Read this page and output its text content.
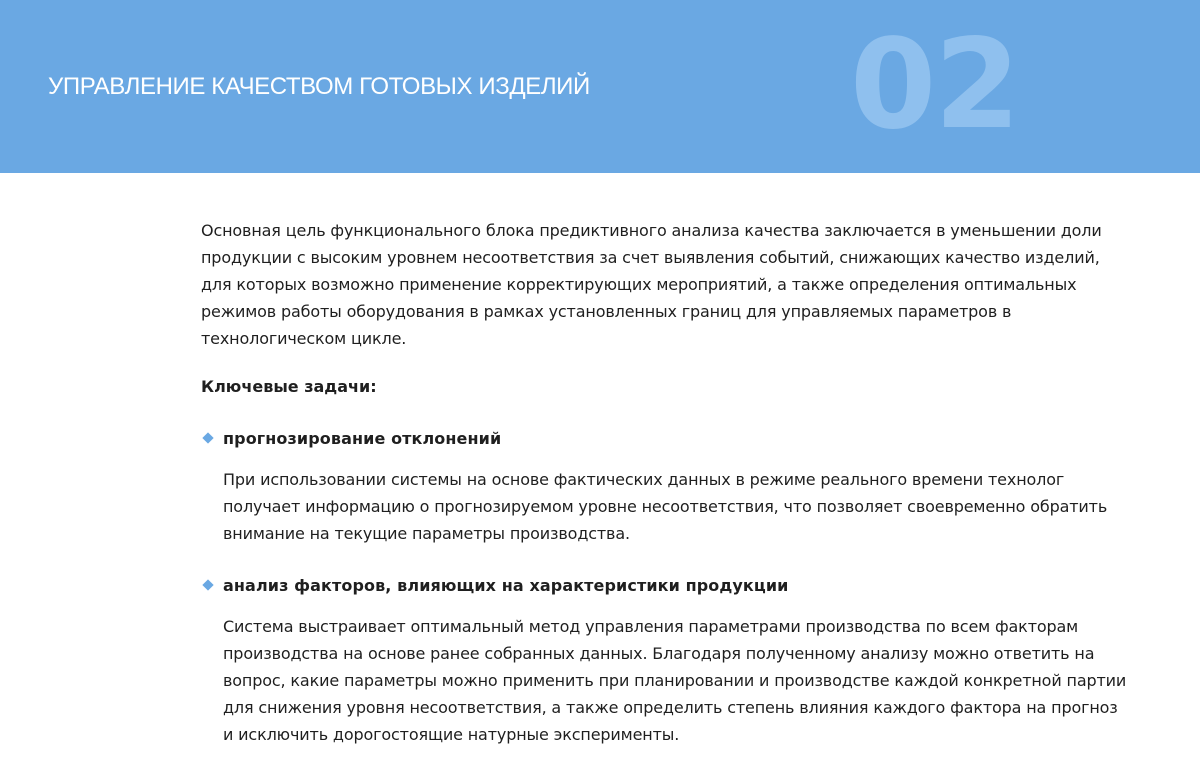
УПРАВЛЕНИЕ КАЧЕСТВОМ ГОТОВЫХ ИЗДЕЛИЙ 02

Основная цель функционального блока предиктивного анализа качества заключается в уменьшении доли продукции с высоким уровнем несоответствия за счет выявления событий, снижающих качество изделий, для которых возможно применение корректирующих мероприятий, а также определения оптимальных режимов работы оборудования в рамках установленных границ для управляемых параметров в технологическом цикле.

Ключевые задачи:
прогнозирование отклонений

При использовании системы на основе фактических данных в режиме реального времени технолог получает информацию о прогнозируемом уровне несоответствия, что позволяет своевременно обратить внимание на текущие параметры производства.

анализ факторов, влияющих на характеристики продукции

Система выстраивает оптимальный метод управления параметрами производства по всем факторам производства на основе ранее собранных данных. Благодаря полученному анализу можно ответить на вопрос, какие параметры можно применить при планировании и производстве каждой конкретной партии для снижения уровня несоответствия, а также определить степень влияния каждого фактора на прогноз и исключить дорогостоящие натурные эксперименты.
